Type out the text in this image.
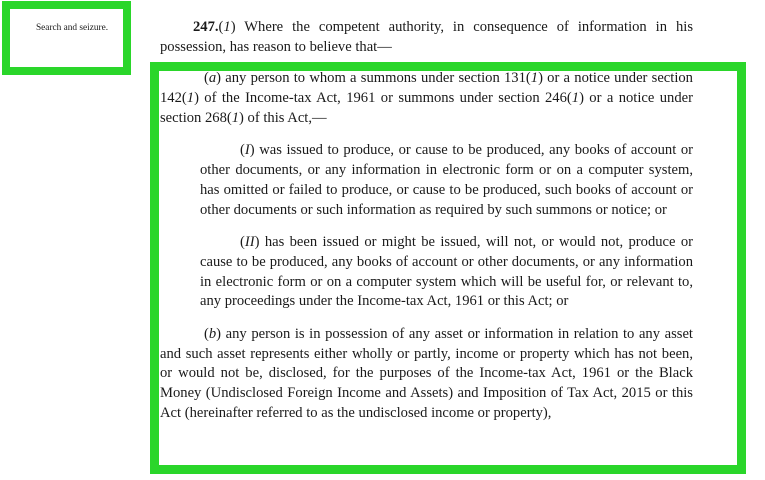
Search and seizure.	247.(1) Where the competent authority, in consequence of information in his possession, has reason to believe that—

(a) any person to whom a summons under section 131(1) or a notice under section 142(1) of the Income-tax Act, 1961 or summons under section 246(1) or a notice under section 268(1) of this Act,—

(I) was issued to produce, or cause to be produced, any books of account or other documents, or any information in electronic form or on a computer system, has omitted or failed to produce, or cause to be produced, such books of account or other documents or such information as required by such summons or notice; or

(II) has been issued or might be issued, will not, or would not, produce or cause to be produced, any books of account or other documents, or any information in electronic form or on a computer system which will be useful for, or relevant to, any proceedings under the Income-tax Act, 1961 or this Act; or

(b) any person is in possession of any asset or information in relation to any asset and such asset represents either wholly or partly, income or property which has not been, or would not be, disclosed, for the purposes of the Income-tax Act, 1961 or the Black Money (Undisclosed Foreign Income and Assets) and Imposition of Tax Act, 2015 or this Act (hereinafter referred to as the undisclosed income or property),
